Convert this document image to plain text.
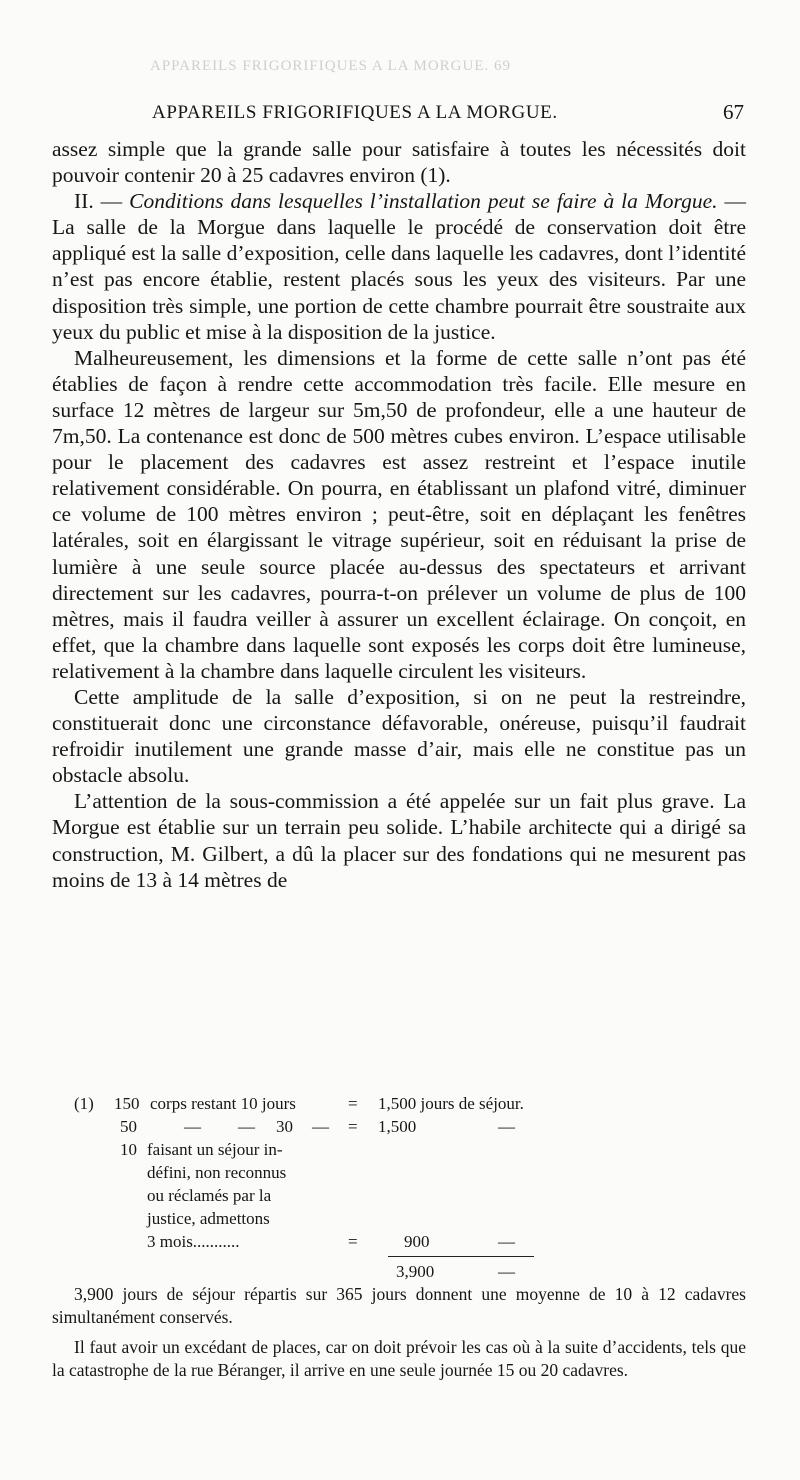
APPAREILS FRIGORIFIQUES A LA MORGUE. 69
APPAREILS FRIGORIFIQUES A LA MORGUE.	67

assez simple que la grande salle pour satisfaire à toutes les nécessités doit pouvoir contenir 20 à 25 cadavres environ (1).

II. — Conditions dans lesquelles l’installation peut se faire à la Morgue. — La salle de la Morgue dans laquelle le procédé de conservation doit être appliqué est la salle d’exposition, celle dans laquelle les cadavres, dont l’identité n’est pas encore établie, restent placés sous les yeux des visiteurs. Par une disposition très simple, une portion de cette chambre pourrait être soustraite aux yeux du public et mise à la disposition de la justice.

Malheureusement, les dimensions et la forme de cette salle n’ont pas été établies de façon à rendre cette accommodation très facile. Elle mesure en surface 12 mètres de largeur sur 5m,50 de profondeur, elle a une hauteur de 7m,50. La contenance est donc de 500 mètres cubes environ. L’espace utilisable pour le placement des cadavres est assez restreint et l’espace inutile relativement considérable. On pourra, en établissant un plafond vitré, diminuer ce volume de 100 mètres environ ; peut-être, soit en déplaçant les fenêtres latérales, soit en élargissant le vitrage supérieur, soit en réduisant la prise de lumière à une seule source placée au-dessus des spectateurs et arrivant directement sur les cadavres, pourra-t-on prélever un volume de plus de 100 mètres, mais il faudra veiller à assurer un excellent éclairage. On conçoit, en effet, que la chambre dans laquelle sont exposés les corps doit être lumineuse, relativement à la chambre dans laquelle circulent les visiteurs.

Cette amplitude de la salle d’exposition, si on ne peut la restreindre, constituerait donc une circonstance défavorable, onéreuse, puisqu’il faudrait refroidir inutilement une grande masse d’air, mais elle ne constitue pas un obstacle absolu.

L’attention de la sous-commission a été appelée sur un fait plus grave. La Morgue est établie sur un terrain peu solide. L’habile architecte qui a dirigé sa construction, M. Gilbert, a dû la placer sur des fondations qui ne mesurent pas moins de 13 à 14 mètres de

(1) 150 corps restant 10 jours	= 1,500 jours de séjour.
50	— — 30 — = 1,500	—
10 faisant un séjour in-
défini, non reconnus
ou réclamés par la
justice, admettons
3 mois...........	=	900	—
3,900	—

3,900 jours de séjour répartis sur 365 jours donnent une moyenne de 10 à 12 cadavres simultanément conservés.

Il faut avoir un excédant de places, car on doit prévoir les cas où à la suite d’accidents, tels que la catastrophe de la rue Béranger, il arrive en une seule journée 15 ou 20 cadavres.
